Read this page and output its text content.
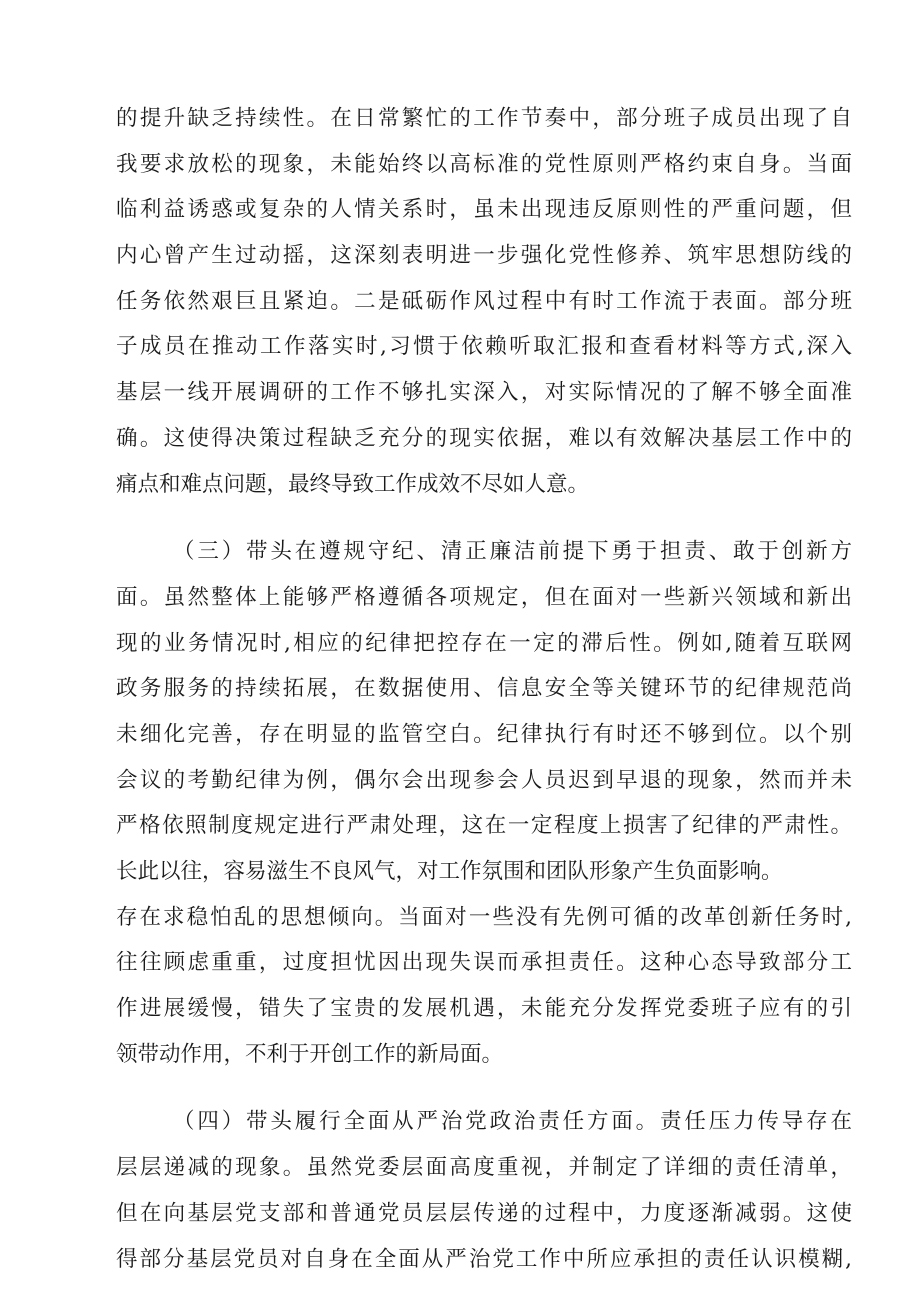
的提升缺乏持续性。在日常繁忙的工作节奏中，部分班子成员出现了自
我要求放松的现象，未能始终以高标准的党性原则严格约束自身。当面
临利益诱惑或复杂的人情关系时，虽未出现违反原则性的严重问题，但
内心曾产生过动摇，这深刻表明进一步强化党性修养、筑牢思想防线的
任务依然艰巨且紧迫。二是砥砺作风过程中有时工作流于表面。部分班
子成员在推动工作落实时,习惯于依赖听取汇报和查看材料等方式,深入
基层一线开展调研的工作不够扎实深入，对实际情况的了解不够全面准
确。这使得决策过程缺乏充分的现实依据，难以有效解决基层工作中的
痛点和难点问题，最终导致工作成效不尽如人意。
（三）带头在遵规守纪、清正廉洁前提下勇于担责、敢于创新方
面。虽然整体上能够严格遵循各项规定，但在面对一些新兴领域和新出
现的业务情况时,相应的纪律把控存在一定的滞后性。例如,随着互联网
政务服务的持续拓展，在数据使用、信息安全等关键环节的纪律规范尚
未细化完善，存在明显的监管空白。纪律执行有时还不够到位。以个别
会议的考勤纪律为例，偶尔会出现参会人员迟到早退的现象，然而并未
严格依照制度规定进行严肃处理，这在一定程度上损害了纪律的严肃性。
长此以往，容易滋生不良风气，对工作氛围和团队形象产生负面影响。
存在求稳怕乱的思想倾向。当面对一些没有先例可循的改革创新任务时,
往往顾虑重重，过度担忧因出现失误而承担责任。这种心态导致部分工
作进展缓慢，错失了宝贵的发展机遇，未能充分发挥党委班子应有的引
领带动作用，不利于开创工作的新局面。
（四）带头履行全面从严治党政治责任方面。责任压力传导存在
层层递减的现象。虽然党委层面高度重视，并制定了详细的责任清单，
但在向基层党支部和普通党员层层传递的过程中，力度逐渐减弱。这使
得部分基层党员对自身在全面从严治党工作中所应承担的责任认识模糊,
